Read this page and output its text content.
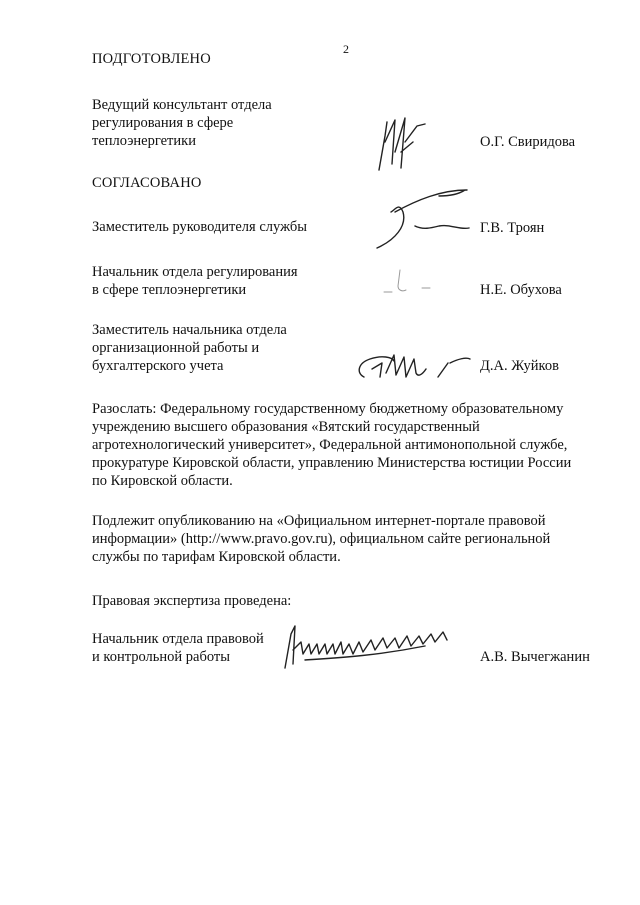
2
ПОДГОТОВЛЕНО
Ведущий консультант отдела
регулирования в сфере
теплоэнергетики	О.Г. Свиридова
СОГЛАСОВАНО
Заместитель руководителя службы	Г.В. Троян
Начальник отдела регулирования
в сфере теплоэнергетики	Н.Е. Обухова
Заместитель начальника отдела
организационной работы и
бухгалтерского учета	Д.А. Жуйков
Разослать: Федеральному государственному бюджетному образовательному
учреждению высшего образования «Вятский государственный
агротехнологический университет», Федеральной антимонопольной службе,
прокуратуре Кировской области, управлению Министерства юстиции России
по Кировской области.
Подлежит опубликованию на «Официальном интернет-портале правовой
информации» (http://www.pravo.gov.ru), официальном сайте региональной
службы по тарифам Кировской области.
Правовая экспертиза проведена:
Начальник отдела правовой
и контрольной работы	А.В. Вычегжанин
